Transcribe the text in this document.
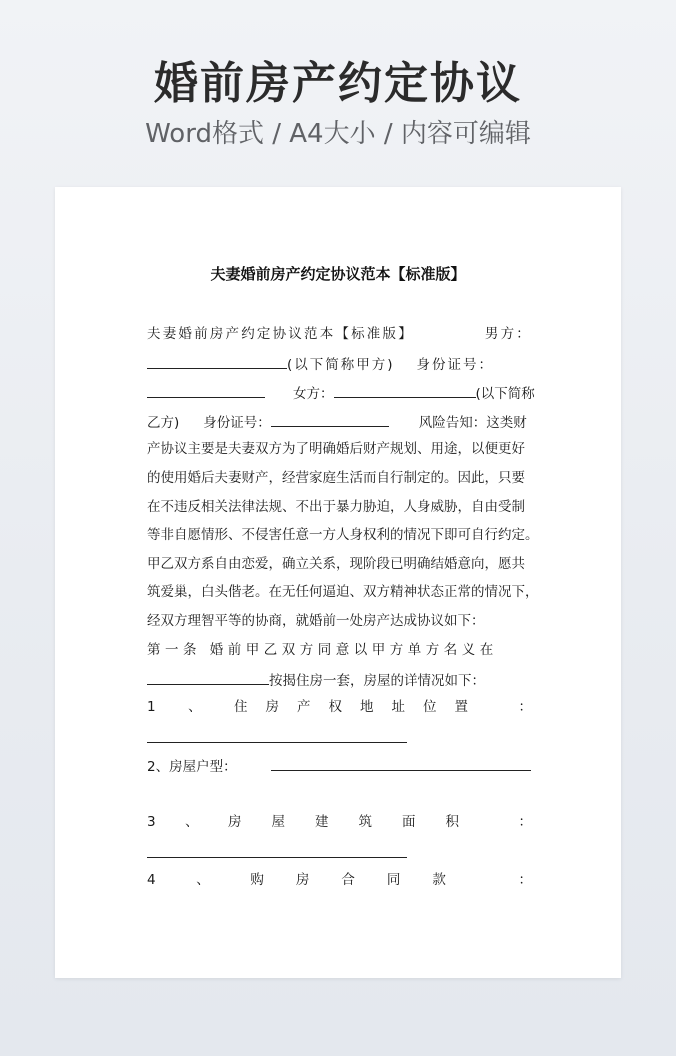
婚前房产约定协议
Word格式 / A4大小 / 内容可编辑
夫妻婚前房产约定协议范本【标准版】
夫妻婚前房产约定协议范本【标准版】	男方：
(以下简称甲方) 身份证号：
女方：	(以下简称
乙方) 身份证号：	风险告知：这类财
产协议主要是夫妻双方为了明确婚后财产规划、用途，以便更好
的使用婚后夫妻财产，经营家庭生活而自行制定的。因此，只要
在不违反相关法律法规、不出于暴力胁迫，人身威胁，自由受制
等非自愿情形、不侵害任意一方人身权利的情况下即可自行约定。
甲乙双方系自由恋爱，确立关系，现阶段已明确结婚意向，愿共
筑爱巢，白头偕老。在无任何逼迫、双方精神状态正常的情况下，
经双方理智平等的协商，就婚前一处房产达成协议如下：
第一条 婚前甲乙双方同意以甲方单方名义在
按揭住房一套，房屋的详情况如下：
1 、 住房产权地址位置 ：
2、房屋户型：
3 、 房屋建筑面积 ：
4	、	购房合同款	：
